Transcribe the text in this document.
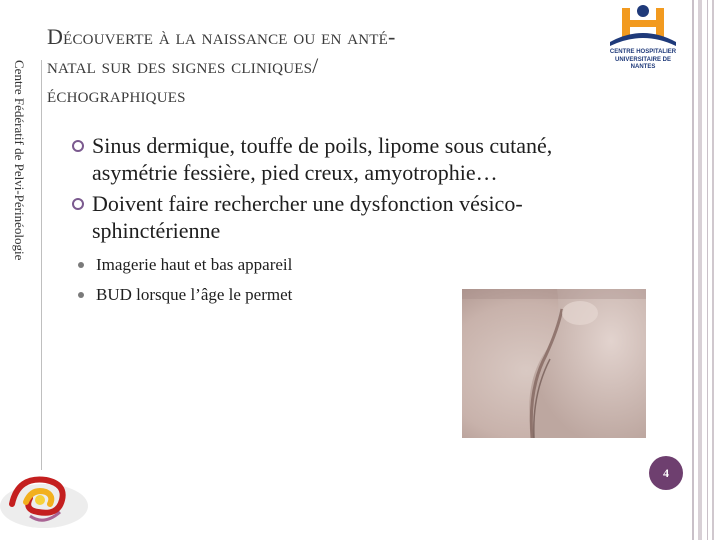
Centre Fédératif de Pelvi-Périnéologie
Découverte à la naissance ou en anté-
natal sur des signes cliniques/
échographiques
CENTRE HOSPITALIER
UNIVERSITAIRE DE NANTES
Sinus dermique, touffe de poils, lipome sous cutané, asymétrie fessière, pied creux, amyotrophie…
Doivent faire rechercher une dysfonction vésico-sphinctérienne
Imagerie haut et bas appareil
BUD lorsque l’âge le permet
4
